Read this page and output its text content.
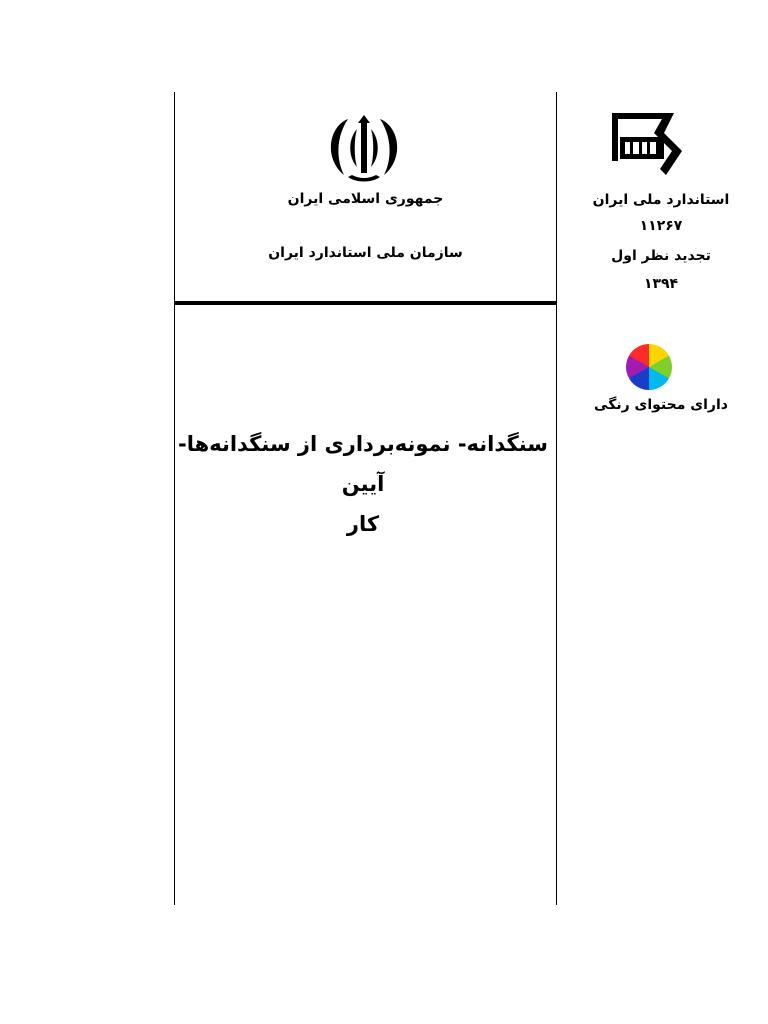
جمهوری اسلامی ایران
سازمان ملی استاندارد ایران
سنگدانه- نمونه‌برداری از سنگدانه‌ها- آیین
کار
استاندارد ملی ایران
۱۱۲۶۷
تجدید نظر اول
۱۳۹۴
دارای محتوای رنگی
